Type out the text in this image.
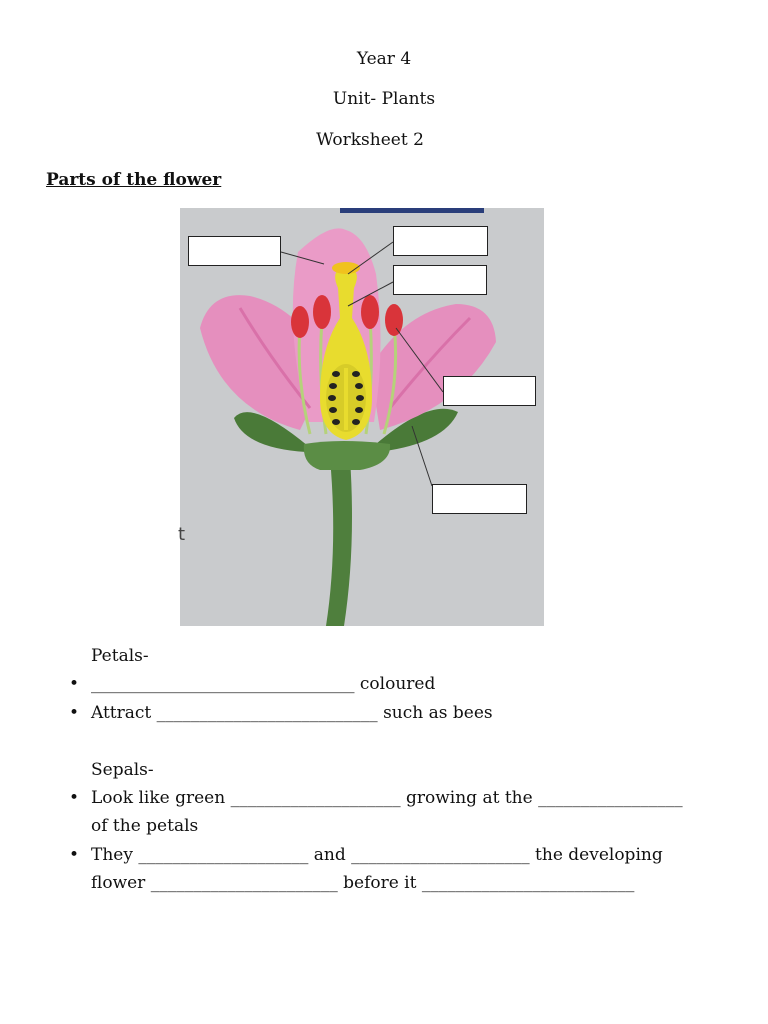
Year 4

Unit- Plants

Worksheet 2

Parts of the flower

t

Petals-

• _______________________________ coloured
• Attract __________________________ such as bees

Sepals-

• Look like green ____________________ growing at the _________________
of the petals
• They ____________________ and _____________________ the developing
flower ______________________ before it _________________________
